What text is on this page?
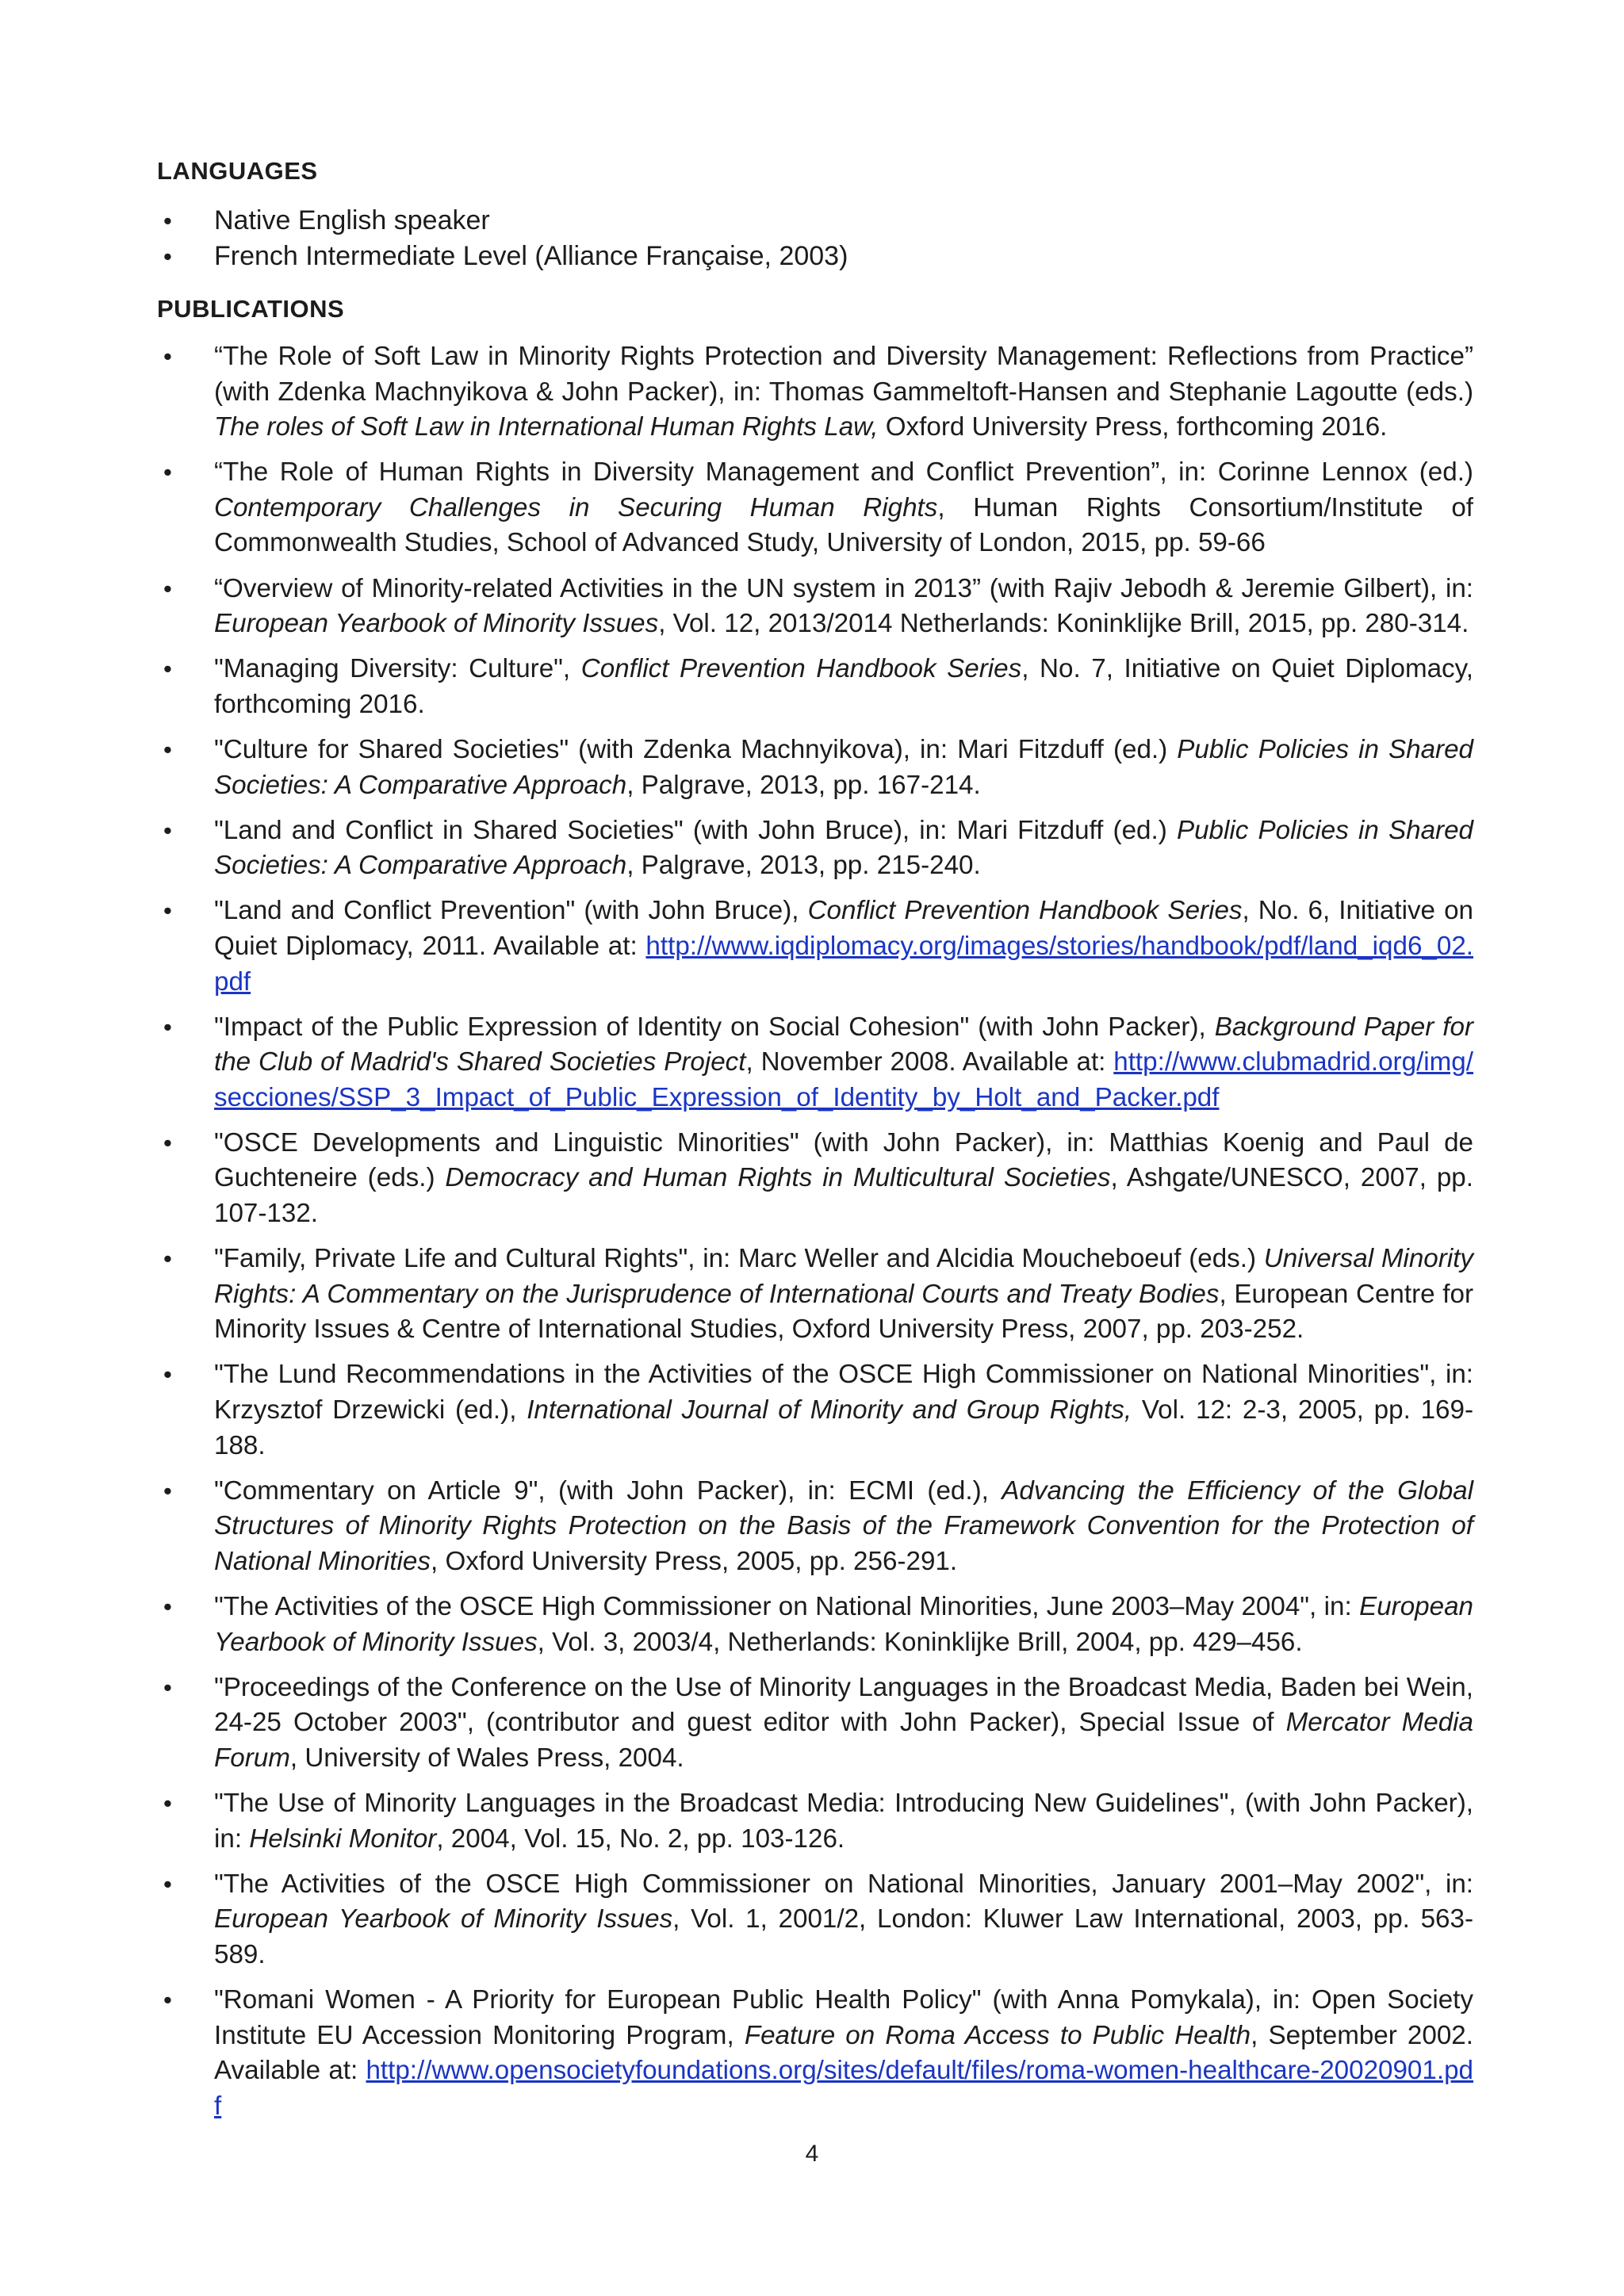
LANGUAGES
• Native English speaker
• French Intermediate Level (Alliance Française, 2003)
PUBLICATIONS
• “The Role of Soft Law in Minority Rights Protection and Diversity Management: Reflections from Practice” (with Zdenka Machnyikova & John Packer), in: Thomas Gammeltoft-Hansen and Stephanie Lagoutte (eds.) The roles of Soft Law in International Human Rights Law, Oxford University Press, forthcoming 2016.
• “The Role of Human Rights in Diversity Management and Conflict Prevention”, in: Corinne Lennox (ed.) Contemporary Challenges in Securing Human Rights, Human Rights Consortium/Institute of Commonwealth Studies, School of Advanced Study, University of London, 2015, pp. 59-66
• “Overview of Minority-related Activities in the UN system in 2013” (with Rajiv Jebodh & Jeremie Gilbert), in: European Yearbook of Minority Issues, Vol. 12, 2013/2014 Netherlands: Koninklijke Brill, 2015, pp. 280-314.
• "Managing Diversity: Culture", Conflict Prevention Handbook Series, No. 7, Initiative on Quiet Diplomacy, forthcoming 2016.
• "Culture for Shared Societies" (with Zdenka Machnyikova), in: Mari Fitzduff (ed.) Public Policies in Shared Societies: A Comparative Approach, Palgrave, 2013, pp. 167-214.
• "Land and Conflict in Shared Societies" (with John Bruce), in: Mari Fitzduff (ed.) Public Policies in Shared Societies: A Comparative Approach, Palgrave, 2013, pp. 215-240.
• "Land and Conflict Prevention" (with John Bruce), Conflict Prevention Handbook Series, No. 6, Initiative on Quiet Diplomacy, 2011. Available at: http://www.iqdiplomacy.org/images/stories/handbook/pdf/land_iqd6_02.pdf
• "Impact of the Public Expression of Identity on Social Cohesion" (with John Packer), Background Paper for the Club of Madrid's Shared Societies Project, November 2008. Available at: http://www.clubmadrid.org/img/secciones/SSP_3_Impact_of_Public_Expression_of_Identity_by_Holt_and_Packer.pdf
• "OSCE Developments and Linguistic Minorities" (with John Packer), in: Matthias Koenig and Paul de Guchteneire (eds.) Democracy and Human Rights in Multicultural Societies, Ashgate/UNESCO, 2007, pp. 107-132.
• "Family, Private Life and Cultural Rights", in: Marc Weller and Alcidia Moucheboeuf (eds.) Universal Minority Rights: A Commentary on the Jurisprudence of International Courts and Treaty Bodies, European Centre for Minority Issues & Centre of International Studies, Oxford University Press, 2007, pp. 203-252.
• "The Lund Recommendations in the Activities of the OSCE High Commissioner on National Minorities", in: Krzysztof Drzewicki (ed.), International Journal of Minority and Group Rights, Vol. 12: 2-3, 2005, pp. 169-188.
• "Commentary on Article 9", (with John Packer), in: ECMI (ed.), Advancing the Efficiency of the Global Structures of Minority Rights Protection on the Basis of the Framework Convention for the Protection of National Minorities, Oxford University Press, 2005, pp. 256-291.
• "The Activities of the OSCE High Commissioner on National Minorities, June 2003–May 2004", in: European Yearbook of Minority Issues, Vol. 3, 2003/4, Netherlands: Koninklijke Brill, 2004, pp. 429–456.
• "Proceedings of the Conference on the Use of Minority Languages in the Broadcast Media, Baden bei Wein, 24-25 October 2003", (contributor and guest editor with John Packer), Special Issue of Mercator Media Forum, University of Wales Press, 2004.
• "The Use of Minority Languages in the Broadcast Media: Introducing New Guidelines", (with John Packer), in: Helsinki Monitor, 2004, Vol. 15, No. 2, pp. 103-126.
• "The Activities of the OSCE High Commissioner on National Minorities, January 2001–May 2002", in: European Yearbook of Minority Issues, Vol. 1, 2001/2, London: Kluwer Law International, 2003, pp. 563-589.
• "Romani Women - A Priority for European Public Health Policy" (with Anna Pomykala), in: Open Society Institute EU Accession Monitoring Program, Feature on Roma Access to Public Health, September 2002. Available at: http://www.opensocietyfoundations.org/sites/default/files/roma-women-healthcare-20020901.pdf
4
